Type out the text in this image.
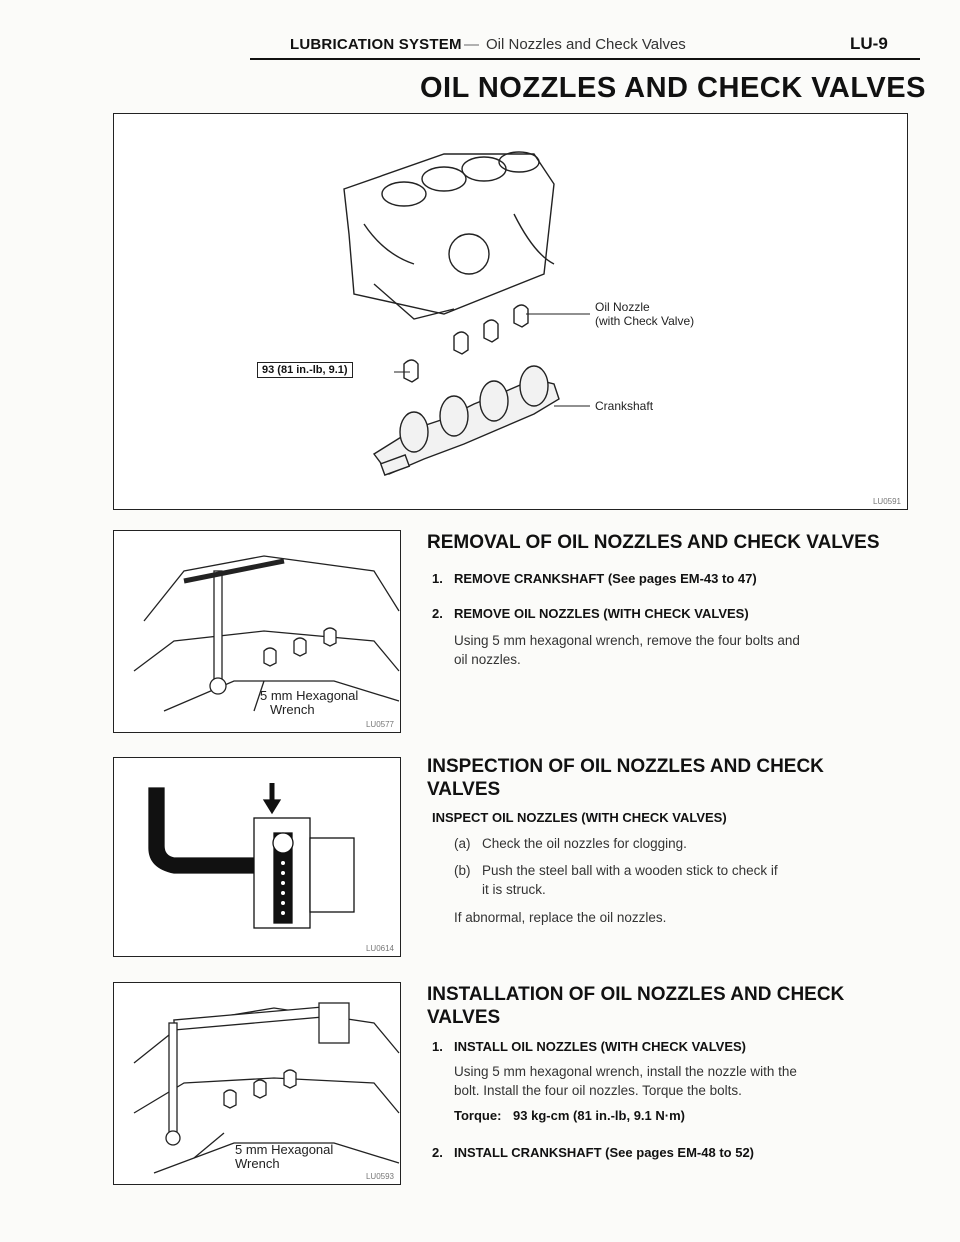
LUBRICATION SYSTEM — Oil Nozzles and Check Valves	LU-9
OIL NOZZLES AND CHECK VALVES
Oil Nozzle
(with Check Valve)
Crankshaft
93 (81 in.-lb, 9.1)
LU0591
5 mm Hexagonal
Wrench
LU0577
LU0614
5 mm Hexagonal
Wrench
LU0593
REMOVAL OF OIL NOZZLES AND CHECK VALVES
1. REMOVE CRANKSHAFT (See pages EM-43 to 47)
2. REMOVE OIL NOZZLES (WITH CHECK VALVES)
Using 5 mm hexagonal wrench, remove the four bolts and
oil nozzles.
INSPECTION OF OIL NOZZLES AND CHECK
VALVES
INSPECT OIL NOZZLES (WITH CHECK VALVES)
(a) Check the oil nozzles for clogging.
(b) Push the steel ball with a wooden stick to check if
it is struck.
If abnormal, replace the oil nozzles.
INSTALLATION OF OIL NOZZLES AND CHECK
VALVES
1. INSTALL OIL NOZZLES (WITH CHECK VALVES)
Using 5 mm hexagonal wrench, install the nozzle with the
bolt. Install the four oil nozzles. Torque the bolts.
Torque: 93 kg-cm (81 in.-lb, 9.1 N·m)
2. INSTALL CRANKSHAFT (See pages EM-48 to 52)
